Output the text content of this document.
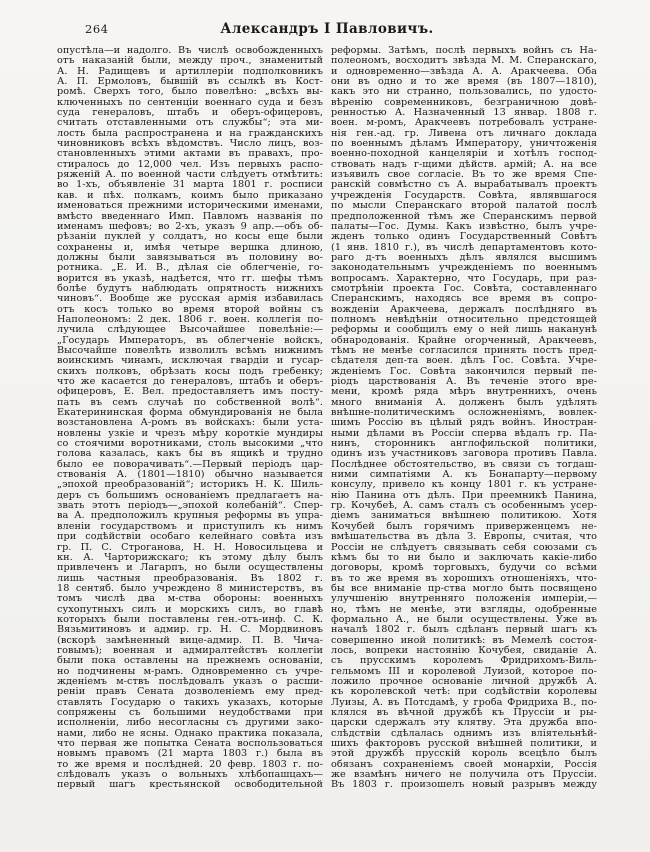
264	Александръ I Павловичъ.
опустѣла—и надолго. Въ числѣ освобожденныхъ
отъ наказаній были, между проч., знаменитый
А. Н. Радищевъ и артиллеріи подполковникъ
А. П. Ермоловъ, бывшій въ ссылкѣ въ Кост-
ромѣ. Сверхъ того, было повелѣно: „всѣхъ вы-
ключенныхъ по сентенціи военнаго суда и безъ
суда генераловъ, штабъ и оберъ-офицеровъ,
считать отставленными отъ службы“; эта ми-
лость была распространена и на гражданскихъ
чиновниковъ всѣхъ вѣдомствъ. Число лицъ, воз-
становленныхъ этими актами въ правахъ, про-
стиралось до 12,000 чел. Изъ первыхъ распо-
ряженій А. по военной части слѣдуетъ отмѣтить:
во 1-хъ, объявленіе 31 марта 1801 г. росписи
кав. и пѣх. полкамъ, коимъ было приказано
именоваться прежними историческими именами,
вмѣсто введеннаго Имп. Павломъ названія по
именамъ шефовъ; во 2-хъ, указъ 9 апр.—объ об-
рѣзаніи пуклей у солдатъ, но косы еще были
сохранены и, имѣя четыре вершка длиною,
должны были завязываться въ половину во-
ротника. „Е. И. В., дѣлая сіе облегченіе, го-
ворится въ указѣ, надѣется, что гг. шефы тѣмъ
болѣе будутъ наблюдать опрятность нижнихъ
чиновъ“. Вообще же русская армія избавилась
отъ косъ только во время второй войны съ
Наполеономъ: 2 дек. 1806 г. воен. коллегія по-
лучила слѣдующее Высочайшее повелѣніе:—
„Государь Императоръ, въ облегченіе войскъ,
Высочайше повелѣть изволилъ всѣмъ нижнимъ
воинскимъ чинамъ, исключая гвардіи и гусар-
скихъ полковъ, обрѣзать косы подъ гребенку;
что же касается до генераловъ, штабъ и оберъ-
офицеровъ, Е. Вел. предоставляетъ имъ посту-
пать въ семъ случаѣ по собственной волѣ“.
Екатерининская форма обмундированія не была
возстановлена А-ромъ въ войскахъ: были уста-
новлены узкіе и чрезъ мѣру короткіе мундиры
со стоячими воротниками, столь высокими „что
голова казалась, какъ бы въ ящикѣ и трудно
было ее поворачивать“.—Первый періодъ цар-
ствованія А. (1801—1810) обычно называется
„эпохой преобразованій“; историкъ Н. К. Шиль-
деръ съ большимъ основаніемъ предлагаетъ на-
звать этотъ періодъ—„эпохой колебаній“. Спер-
ва А. предположилъ крупныя реформы въ упра-
вленіи государствомъ и приступилъ къ нимъ
при содѣйствіи особаго келейнаго совѣта изъ
гр. П. С. Строганова, Н. Н. Новосильцева и
кн. А. Чарторижскаго; къ этому дѣлу былъ
привлеченъ и Лагарпъ, но были осуществлены
лишь частныя преобразованія. Въ 1802 г.
18 сентяб. было учреждено 8 министерствъ, въ
томъ числѣ два м-ства обороны: военныхъ
сухопутныхъ силъ и морскихъ силъ, во главѣ
которыхъ были поставлены ген.-отъ-инф. С. К.
Вязьмитиновъ и адмир. гр. Н. С. Мордвиновъ
(вскорѣ замѣненный вице-адмир. П. В. Чича-
говымъ); военная и адмиралтействъ коллегіи
были пока оставлены на прежнемъ основаніи,
но подчинены м-рамъ. Одновременно съ учре-
жденіемъ м-ствъ послѣдовалъ указъ о расши-
реніи правъ Сената дозволеніемъ ему пред-
ставлять Государю о такихъ указахъ, которые
сопряжены съ большими неудобствами при
исполненіи, либо несогласны съ другими зако-
нами, либо не ясны. Однако практика показала,
что первая же попытка Сената воспользоваться
новымъ правомъ (21 марта 1803 г.) была въ
то же время и послѣдней. 20 февр. 1803 г. по-
слѣдовалъ указъ о вольныхъ хлѣбопашцахъ—
первый шагъ крестьянской освободительной
реформы. Затѣмъ, послѣ первыхъ войнъ съ На-
полеономъ, восходитъ звѣзда М. М. Сперанскаго,
и одновременно—звѣзда А. А. Аракчеева. Оба
они въ одно и то же время (въ 1807—1810),
какъ это ни странно, пользовались, по удосто-
вѣренію современниковъ, безграничною довѣ-
ренностью А. Назначенный 13 январ. 1808 г.
воен. м-ромъ, Аракчеевъ потребовалъ устране-
нія ген.-ад. гр. Ливена отъ личнаго доклада
по военнымъ дѣламъ Императору, уничтоженія
военно-походной канцеляріи и хотѣлъ господ-
ствовать надъ г-щими дѣйств. армій; А. на все
изъявилъ свое согласіе. Въ то же время Спе-
ранскій совмѣстно съ А. вырабатывалъ проектъ
учрежденія Государств. Совѣта, являвшагося
по мысли Сперанскаго второй палатой послѣ
предположенной тѣмъ же Сперанскимъ первой
палаты—Гос. Думы. Какъ извѣстно, былъ учре-
жденъ только одинъ Государственный Совѣтъ
(1 янв. 1810 г.), въ числѣ департаментовъ кото-
раго д-тъ военныхъ дѣлъ являлся высшимъ
законодательнымъ учрежденіемъ по военнымъ
вопросамъ. Характерно, что Государь, при раз-
смотрѣніи проекта Гос. Совѣта, составленнаго
Сперанскимъ, находясь все время въ сопро-
вожденіи Аракчеева, держалъ послѣдняго въ
полномъ невѣдѣніи относительно предстоящей
реформы и сообщилъ ему о ней лишь наканунѣ
обнародованія. Крайне огорченный, Аракчеевъ,
тѣмъ не менѣе согласился принять постъ пред-
сѣдателя деп-та воен. дѣлъ Гос. Совѣта. Учре-
жденіемъ Гос. Совѣта закончился первый пе-
ріодъ царствованія А. Въ теченіе этого вре-
мени, кромѣ ряда мѣръ внутреннихъ, очень
много вниманія А. долженъ былъ удѣлять
внѣшне-политическимъ осложненіямъ, вовлек-
шимъ Россію въ цѣлый рядъ войнъ. Иностран-
ными дѣлами въ Россіи сперва вѣдалъ гр. Па-
нинъ, сторонникъ англофильской политики,
одинъ изъ участниковъ заговора противъ Павла.
Послѣднее обстоятельство, въ связи съ тогдаш-
ними симпатіями А. къ Бонапарту—первому
консулу, привело къ концу 1801 г. къ устране-
нію Панина отъ дѣлъ. При преемникѣ Панина,
гр. Кочубеѣ, А. самъ сталъ съ особеннымъ усер-
діемъ заниматься внѣшнею политикою. Хотя
Кочубей былъ горячимъ приверженцемъ не-
вмѣшательства въ дѣла З. Европы, считая, что
Россіи не слѣдуетъ связывать себя союзами съ
кѣмъ бы то ни было и заключать какіе-либо
договоры, кромѣ торговыхъ, будучи со всѣми
въ то же время въ хорошихъ отношеніяхъ, что-
бы все вниманіе пр-ства могло быть посвящено
улучшенію внутренняго положенія имперіи,—
но, тѣмъ не менѣе, эти взгляды, одобренные
формально А., не были осуществлены. Уже въ
началѣ 1802 г. былъ сдѣланъ первый шагъ къ
совершенно иной политикѣ: въ Мемелѣ состоя-
лось, вопреки настоянію Кочубея, свиданіе А.
съ прусскимъ королемъ Фридрихомъ-Виль-
гельмомъ III и королевой Луизой, которое по-
ложило прочное основаніе личной дружбѣ А.
къ королевской четѣ: при содѣйствіи королевы
Луизы, А. въ Потсдамѣ, у гроба Фридриха В., по-
клялся въ вѣчной дружбѣ къ Пруссіи и ры-
царски сдержалъ эту клятву. Эта дружба впо-
слѣдствіи сдѣлалась однимъ изъ вліятельнѣй-
шихъ факторовъ русской внѣшней политики, и
этой дружбѣ прусскій король всецѣло былъ
обязанъ сохраненіемъ своей монархіи, Россія
же взамѣнъ ничего не получила отъ Пруссіи.
Въ 1803 г. произошелъ новый разрывъ между
